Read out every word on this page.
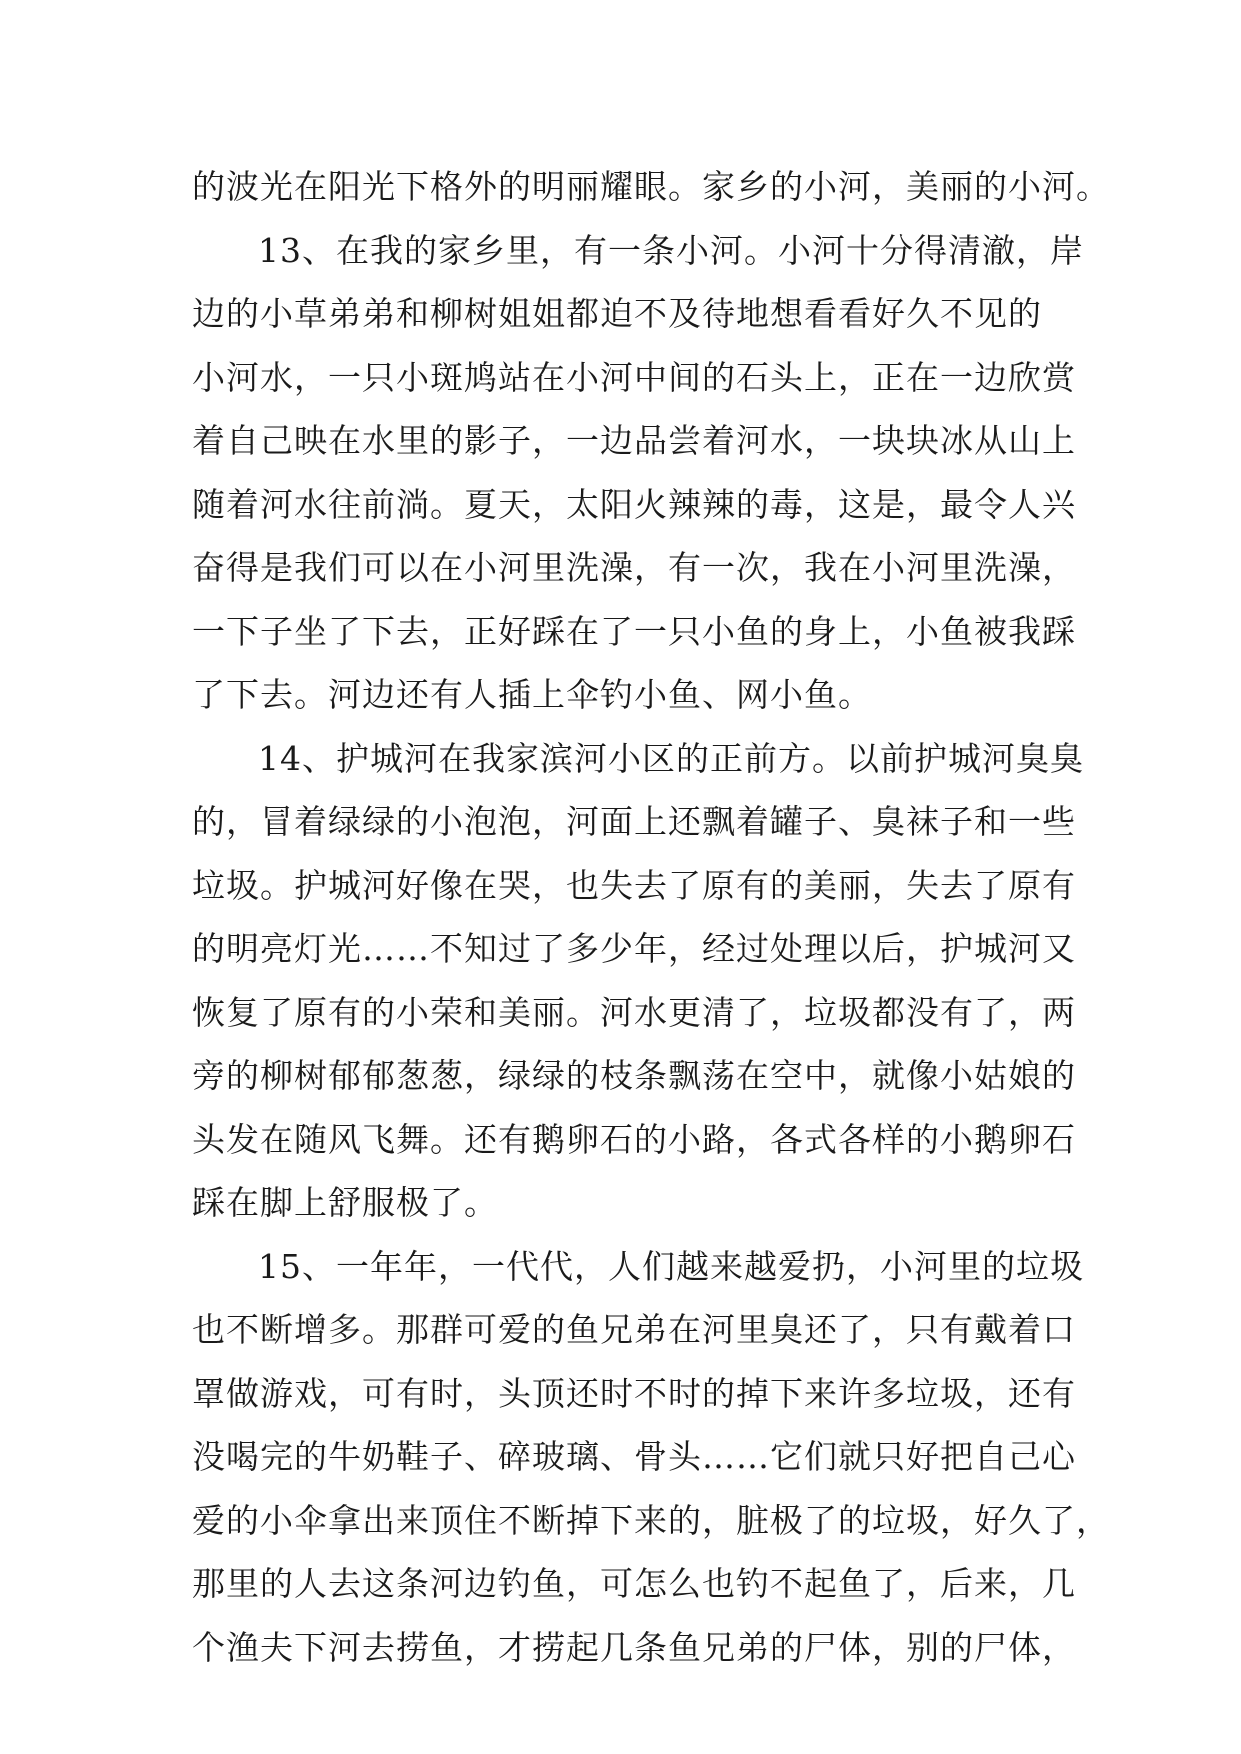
的波光在阳光下格外的明丽耀眼。家乡的小河，美丽的小河。
13、在我的家乡里，有一条小河。小河十分得清澈，岸
边的小草弟弟和柳树姐姐都迫不及待地想看看好久不见的
小河水，一只小斑鸠站在小河中间的石头上，正在一边欣赏
着自己映在水里的影子，一边品尝着河水，一块块冰从山上
随着河水往前淌。夏天，太阳火辣辣的毒，这是，最令人兴
奋得是我们可以在小河里洗澡，有一次，我在小河里洗澡，
一下子坐了下去，正好踩在了一只小鱼的身上，小鱼被我踩
了下去。河边还有人插上伞钓小鱼、网小鱼。
14、护城河在我家滨河小区的正前方。以前护城河臭臭
的，冒着绿绿的小泡泡，河面上还飘着罐子、臭袜子和一些
垃圾。护城河好像在哭，也失去了原有的美丽，失去了原有
的明亮灯光……不知过了多少年，经过处理以后，护城河又
恢复了原有的小荣和美丽。河水更清了，垃圾都没有了，两
旁的柳树郁郁葱葱，绿绿的枝条飘荡在空中，就像小姑娘的
头发在随风飞舞。还有鹅卵石的小路，各式各样的小鹅卵石
踩在脚上舒服极了。
15、一年年，一代代，人们越来越爱扔，小河里的垃圾
也不断增多。那群可爱的鱼兄弟在河里臭还了，只有戴着口
罩做游戏，可有时，头顶还时不时的掉下来许多垃圾，还有
没喝完的牛奶鞋子、碎玻璃、骨头……它们就只好把自己心
爱的小伞拿出来顶住不断掉下来的，脏极了的垃圾，好久了，
那里的人去这条河边钓鱼，可怎么也钓不起鱼了，后来，几
个渔夫下河去捞鱼，才捞起几条鱼兄弟的尸体，别的尸体，
